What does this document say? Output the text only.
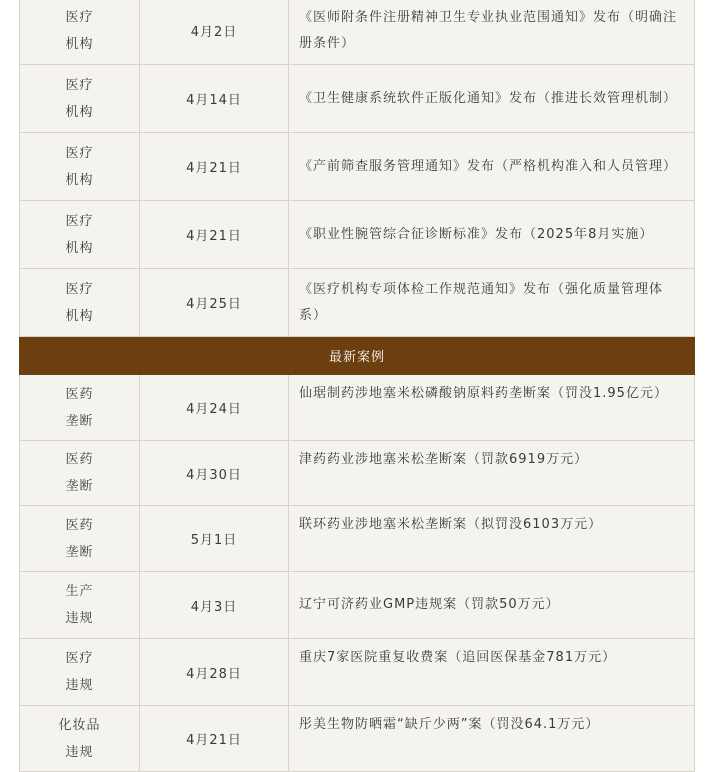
医疗
机构	4月2日	《医师附条件注册精神卫生专业执业范围通知》发布（明确注册条件）

医疗
机构	4月14日	《卫生健康系统软件正版化通知》发布（推进长效管理机制）

医疗
机构	4月21日	《产前筛查服务管理通知》发布（严格机构准入和人员管理）

医疗
机构	4月21日	《职业性腕管综合征诊断标准》发布（2025年8月实施）

医疗
机构	4月25日	《医疗机构专项体检工作规范通知》发布（强化质量管理体系）
最新案例		

医药
垄断	4月24日	仙琚制药涉地塞米松磷酸钠原料药垄断案（罚没1.95亿元）

医药
垄断	4月30日	津药药业涉地塞米松垄断案（罚款6919万元）

医药
垄断	5月1日	联环药业涉地塞米松垄断案（拟罚没6103万元）

生产
违规	4月3日	辽宁可济药业GMP违规案（罚款50万元）

医疗
违规	4月28日	重庆7家医院重复收费案（追回医保基金781万元）

化妆品
违规	4月21日	彤美生物防晒霜“缺斤少两”案（罚没64.1万元）
